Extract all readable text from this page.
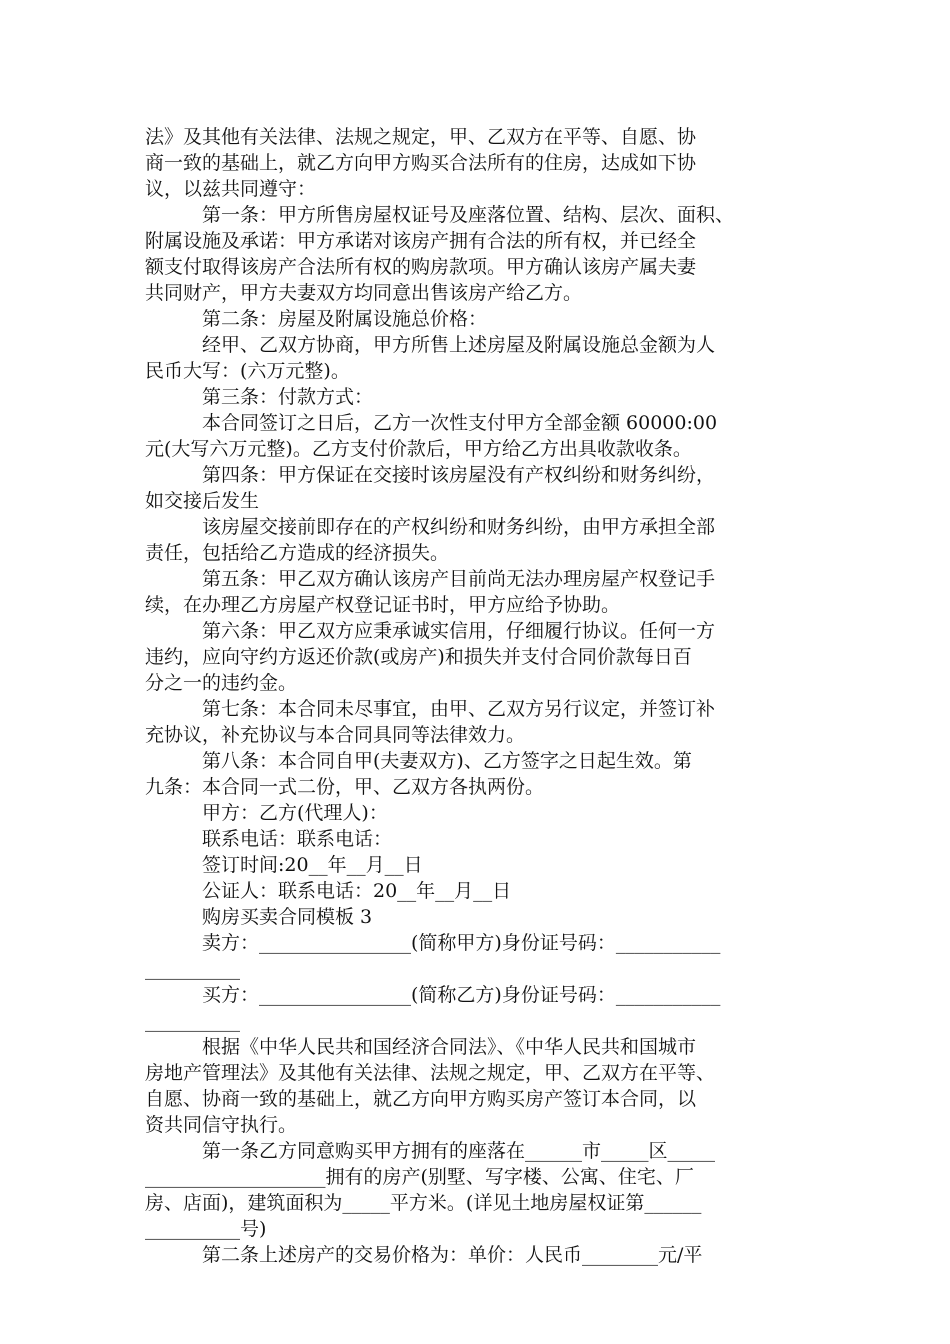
法》及其他有关法律、法规之规定，甲、乙双方在平等、自愿、协
商一致的基础上，就乙方向甲方购买合法所有的住房，达成如下协
议，以兹共同遵守：
第一条：甲方所售房屋权证号及座落位置、结构、层次、面积、
附属设施及承诺：甲方承诺对该房产拥有合法的所有权，并已经全
额支付取得该房产合法所有权的购房款项。甲方确认该房产属夫妻
共同财产，甲方夫妻双方均同意出售该房产给乙方。
第二条：房屋及附属设施总价格：
经甲、乙双方协商，甲方所售上述房屋及附属设施总金额为人
民币大写：(六万元整)。
第三条：付款方式：
本合同签订之日后，乙方一次性支付甲方全部金额 60000:00
元(大写六万元整)。乙方支付价款后，甲方给乙方出具收款收条。
第四条：甲方保证在交接时该房屋没有产权纠纷和财务纠纷，
如交接后发生
该房屋交接前即存在的产权纠纷和财务纠纷，由甲方承担全部
责任，包括给乙方造成的经济损失。
第五条：甲乙双方确认该房产目前尚无法办理房屋产权登记手
续，在办理乙方房屋产权登记证书时，甲方应给予协助。
第六条：甲乙双方应秉承诚实信用，仔细履行协议。任何一方
违约，应向守约方返还价款(或房产)和损失并支付合同价款每日百
分之一的违约金。
第七条：本合同未尽事宜，由甲、乙双方另行议定，并签订补
充协议，补充协议与本合同具同等法律效力。
第八条：本合同自甲(夫妻双方)、乙方签字之日起生效。第
九条：本合同一式二份，甲、乙双方各执两份。
甲方：乙方(代理人)：
联系电话：联系电话：
签订时间:20__年__月__日
公证人：联系电话：20__年__月__日
购房买卖合同模板 3
卖方：________________(简称甲方)身份证号码：___________
__________
买方：________________(简称乙方)身份证号码：___________
__________
根据《中华人民共和国经济合同法》、《中华人民共和国城市
房地产管理法》及其他有关法律、法规之规定，甲、乙双方在平等、
自愿、协商一致的基础上，就乙方向甲方购买房产签订本合同，以
资共同信守执行。
第一条乙方同意购买甲方拥有的座落在______市_____区_____
___________________拥有的房产(别墅、写字楼、公寓、住宅、厂
房、店面)，建筑面积为_____平方米。(详见土地房屋权证第______
__________号)
第二条上述房产的交易价格为：单价：人民币________元/平
